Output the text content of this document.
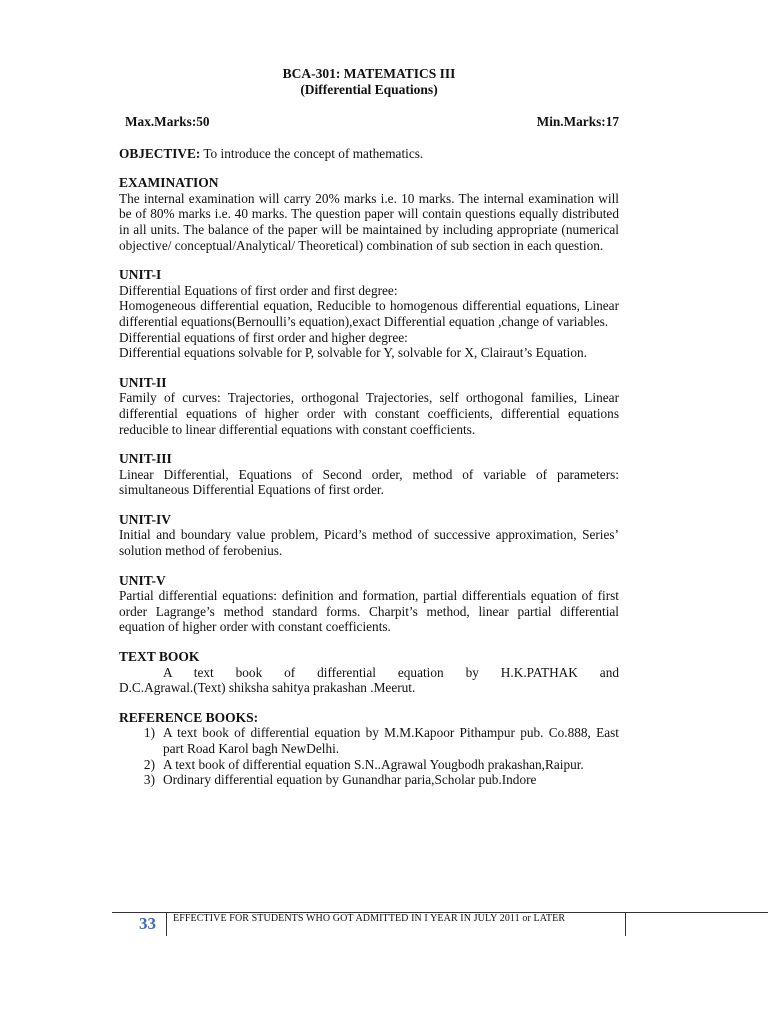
BCA-301: MATEMATICS III
(Differential Equations)
Max.Marks:50	Min.Marks:17
OBJECTIVE: To introduce the concept of mathematics.
EXAMINATION
The internal examination will carry 20% marks i.e. 10 marks. The internal examination will be of 80% marks i.e. 40 marks. The question paper will contain questions equally distributed in all units. The balance of the paper will be maintained by including appropriate (numerical objective/ conceptual/Analytical/ Theoretical) combination of sub section in each question.
UNIT-I
Differential Equations of first order and first degree:
Homogeneous differential equation, Reducible to homogenous differential equations, Linear differential equations(Bernoulli’s equation),exact Differential equation ,change of variables.
Differential equations of first order and higher degree:
Differential equations solvable for P, solvable for Y, solvable for X, Clairaut’s Equation.
UNIT-II
Family of curves: Trajectories, orthogonal Trajectories, self orthogonal families, Linear differential equations of higher order with constant coefficients, differential equations reducible to linear differential equations with constant coefficients.
UNIT-III
Linear Differential, Equations of Second order, method of variable of parameters: simultaneous Differential Equations of first order.
UNIT-IV
Initial and boundary value problem, Picard’s method of successive approximation, Series’ solution method of ferobenius.
UNIT-V
Partial differential equations: definition and formation, partial differentials equation of first order Lagrange’s method standard forms. Charpit’s method, linear partial differential equation of higher order with constant coefficients.
TEXT BOOK
A text book of differential equation by H.K.PATHAK and
D.C.Agrawal.(Text) shiksha sahitya prakashan .Meerut.
REFERENCE BOOKS:
1) A text book of differential equation by M.M.Kapoor Pithampur pub. Co.888, East part Road Karol bagh NewDelhi.
2) A text book of differential equation S.N..Agrawal Yougbodh prakashan,Raipur.
3) Ordinary differential equation by Gunandhar paria,Scholar pub.Indore
33 EFFECTIVE FOR STUDENTS WHO GOT ADMITTED IN I YEAR IN JULY 2011 or LATER
